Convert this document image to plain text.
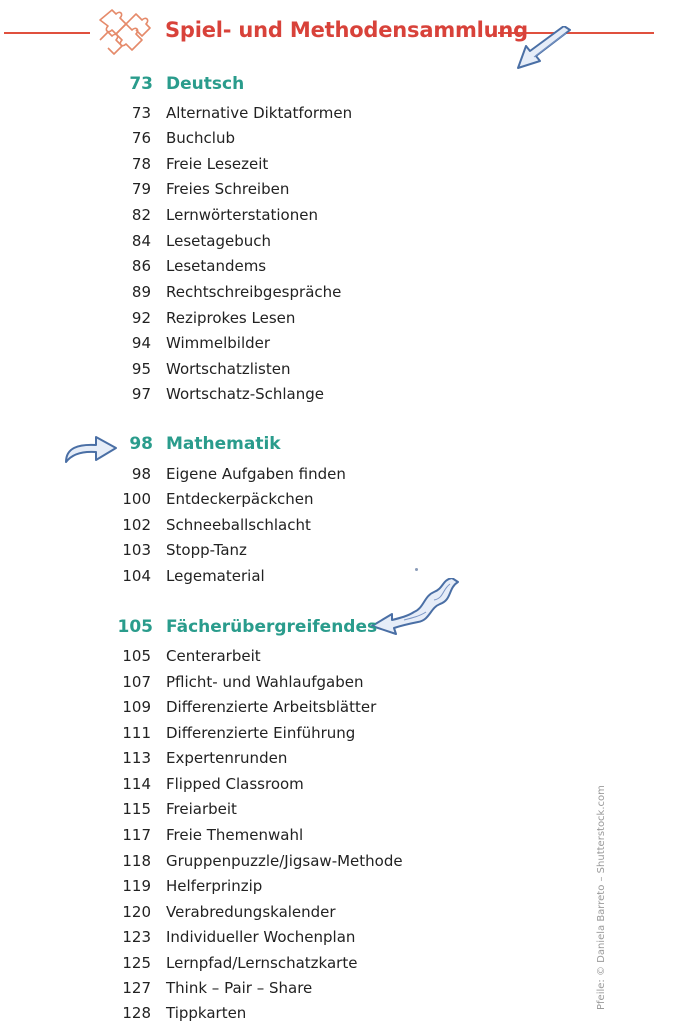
Spiel- und Methodensammlung
73 Deutsch
73 Alternative Diktatformen
76 Buchclub
78 Freie Lesezeit
79 Freies Schreiben
82 Lernwörterstationen
84 Lesetagebuch
86 Lesetandems
89 Rechtschreibgespräche
92 Reziprokes Lesen
94 Wimmelbilder
95 Wortschatzlisten
97 Wortschatz-Schlange
98 Mathematik
98 Eigene Aufgaben finden
100 Entdeckerpäckchen
102 Schneeballschlacht
103 Stopp-Tanz
104 Legematerial
105 Fächerübergreifendes
105 Centerarbeit
107 Pflicht- und Wahlaufgaben
109 Differenzierte Arbeitsblätter
111 Differenzierte Einführung
113 Expertenrunden
114 Flipped Classroom
115 Freiarbeit
117 Freie Themenwahl
118 Gruppenpuzzle/Jigsaw-Methode
119 Helferprinzip
120 Verabredungskalender
123 Individueller Wochenplan
125 Lernpfad/Lernschatzkarte
127 Think – Pair – Share
128 Tippkarten
Pfeile: © Daniela Barreto – Shutterstock.com
